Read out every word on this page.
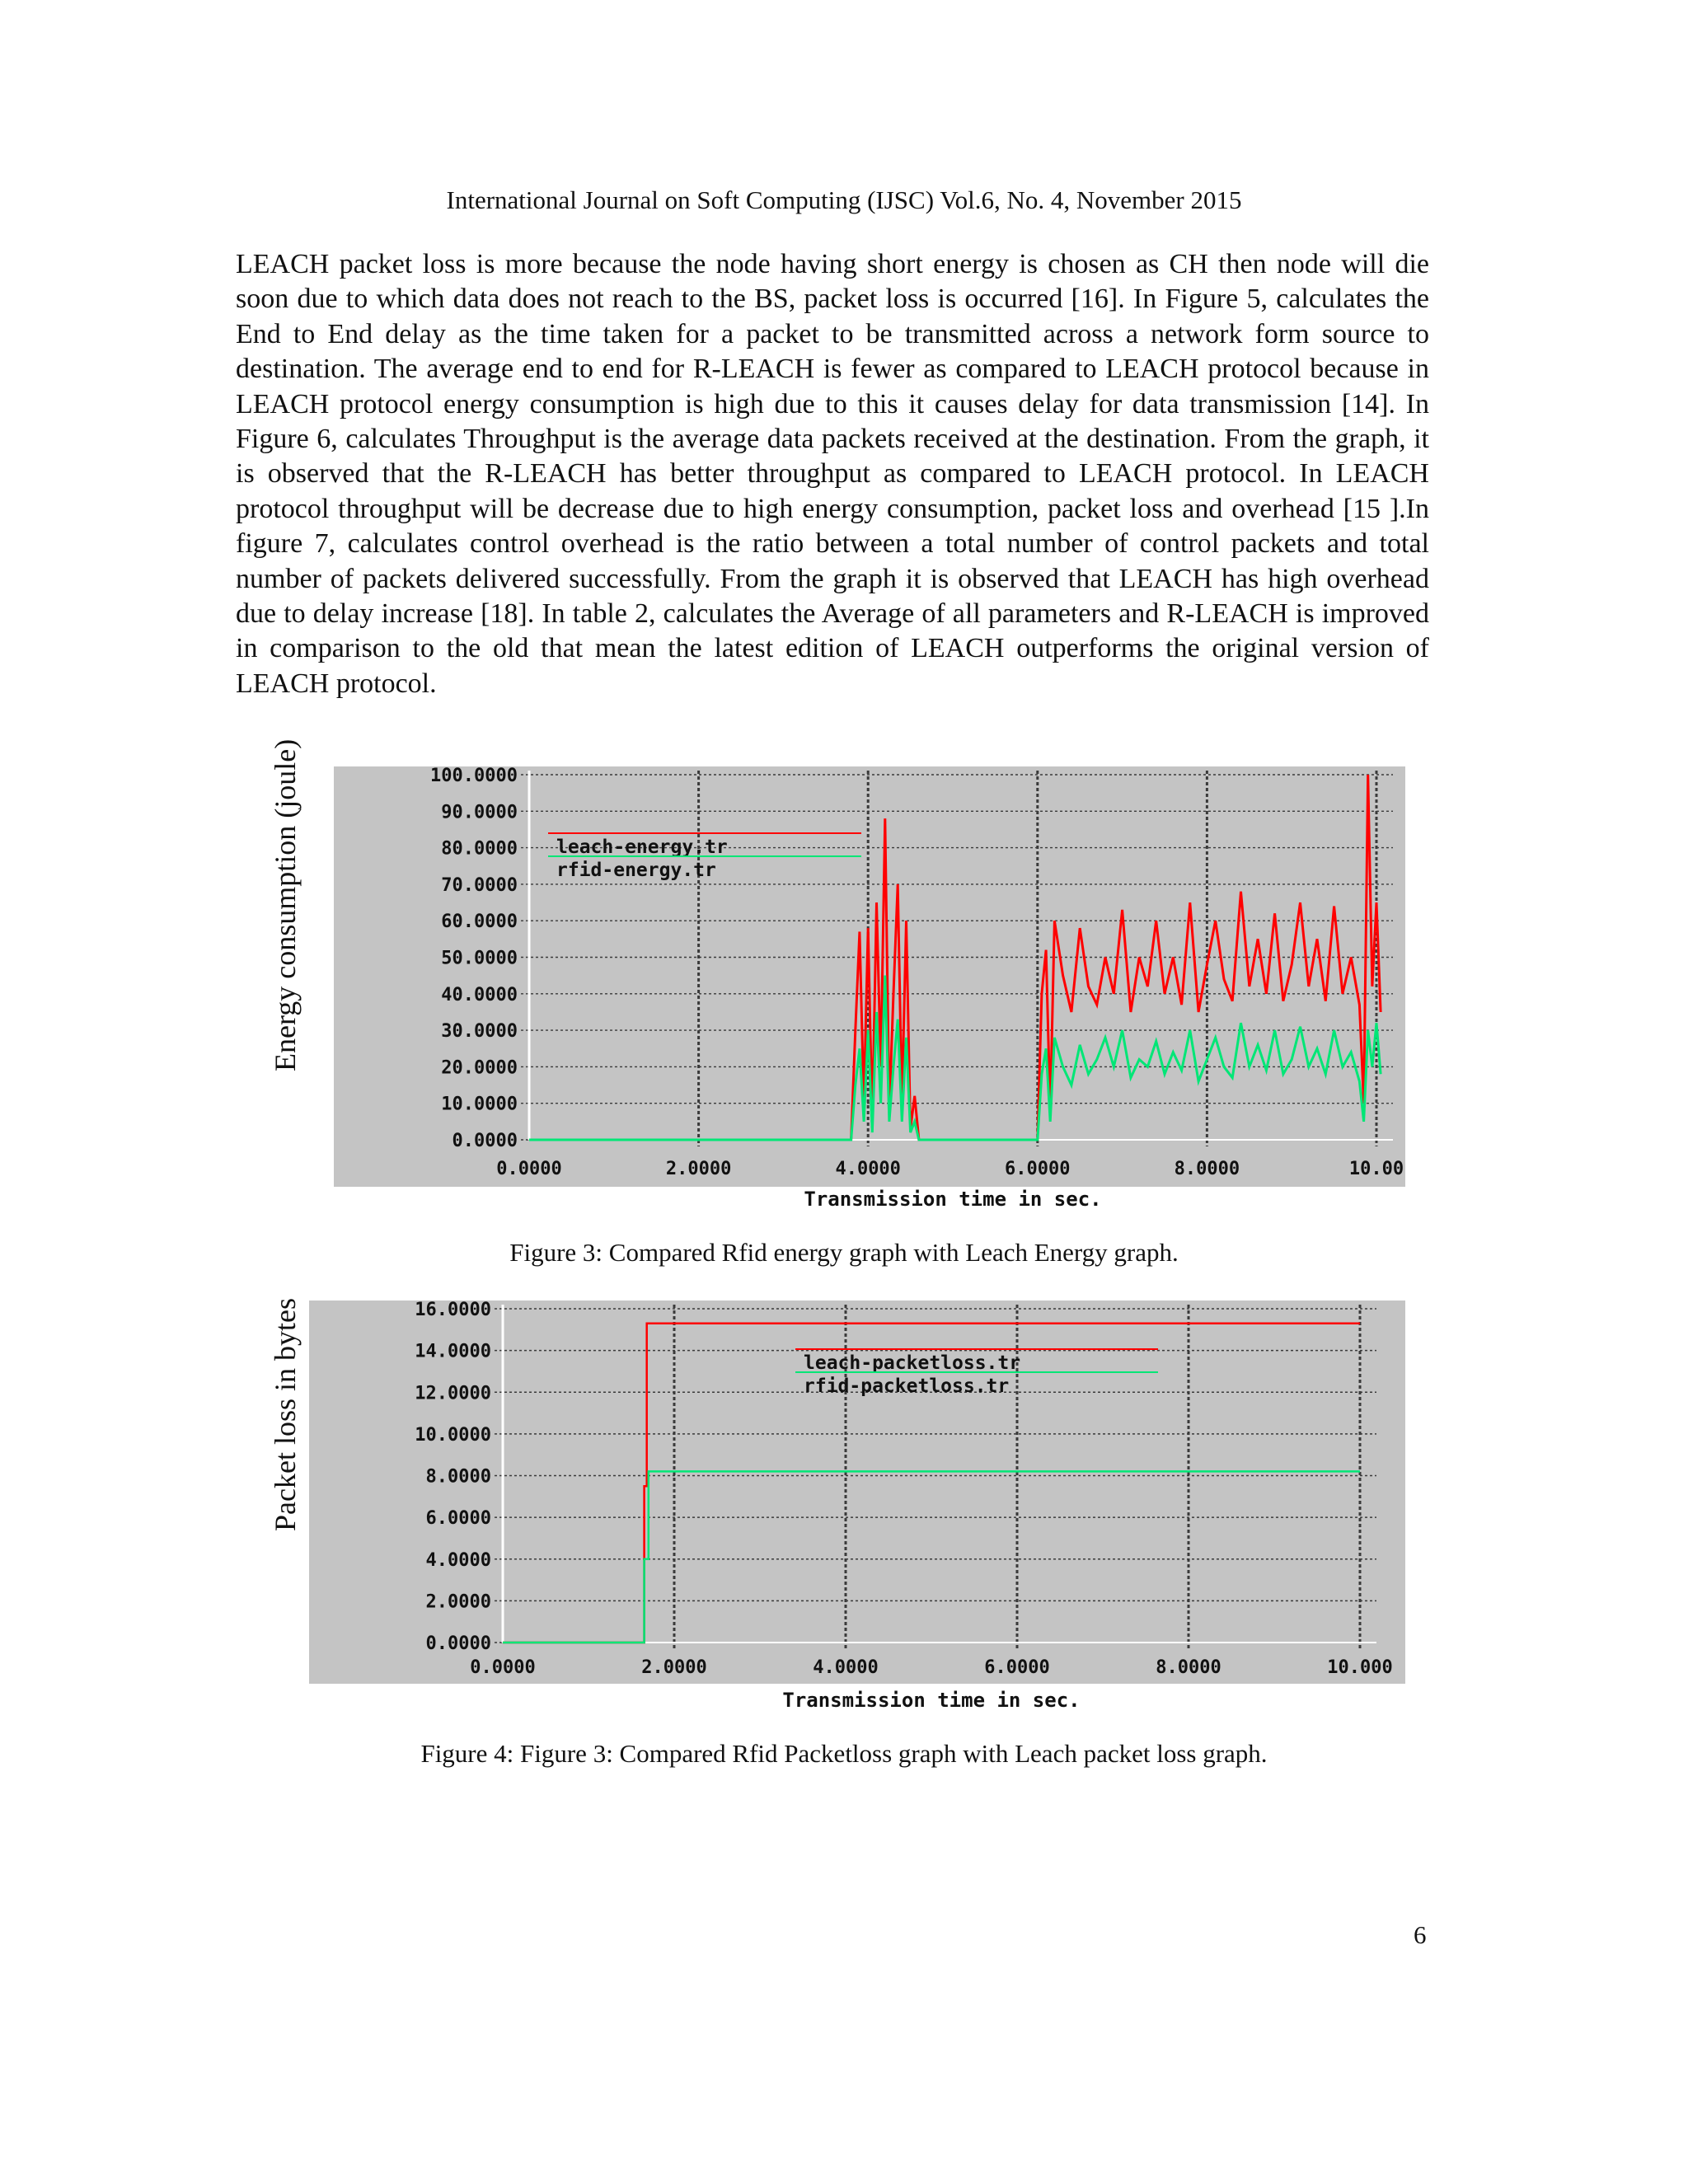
International Journal on Soft Computing (IJSC) Vol.6, No. 4, November 2015
LEACH packet loss is more because the node having short energy is chosen as CH then node will die soon due to which data does not reach to the BS, packet loss is occurred [16]. In Figure 5, calculates the End to End delay as the time taken for a packet to be transmitted across a network form source to destination. The average end to end for R-LEACH is fewer as compared to LEACH protocol because in LEACH protocol energy consumption is high due to this it causes delay for data transmission [14]. In Figure 6, calculates Throughput is the average data packets received at the destination. From the graph, it is observed that the R-LEACH has better throughput as compared to LEACH protocol. In LEACH protocol throughput will be decrease due to high energy consumption, packet loss and overhead [15 ].In figure 7, calculates control overhead is the ratio between a total number of control packets and total number of packets delivered successfully. From the graph it is observed that LEACH has high overhead due to delay increase [18]. In table 2, calculates the Average of all parameters and R-LEACH is improved in comparison to the old that mean the latest edition of LEACH outperforms the original version of LEACH protocol.
0.0000
10.0000
20.0000
30.0000
40.0000
50.0000
60.0000
70.0000
80.0000
90.0000
100.0000
0.0000	2.0000	4.0000	6.0000	8.0000	10.00
Transmission time in sec.
leach-energy.tr
rfid-energy.tr
Energy consumption (joule)
Figure 3: Compared Rfid energy graph with Leach Energy graph.
0.0000
2.0000
4.0000
6.0000
8.0000
10.0000
12.0000
14.0000
16.0000
0.0000	2.0000	4.0000	6.0000	8.0000	10.000
Transmission time in sec.
leach-packetloss.tr
rfid-packetloss.tr
Packet loss in bytes
Figure 4: Figure 3: Compared Rfid Packetloss graph with Leach packet loss graph.
6
